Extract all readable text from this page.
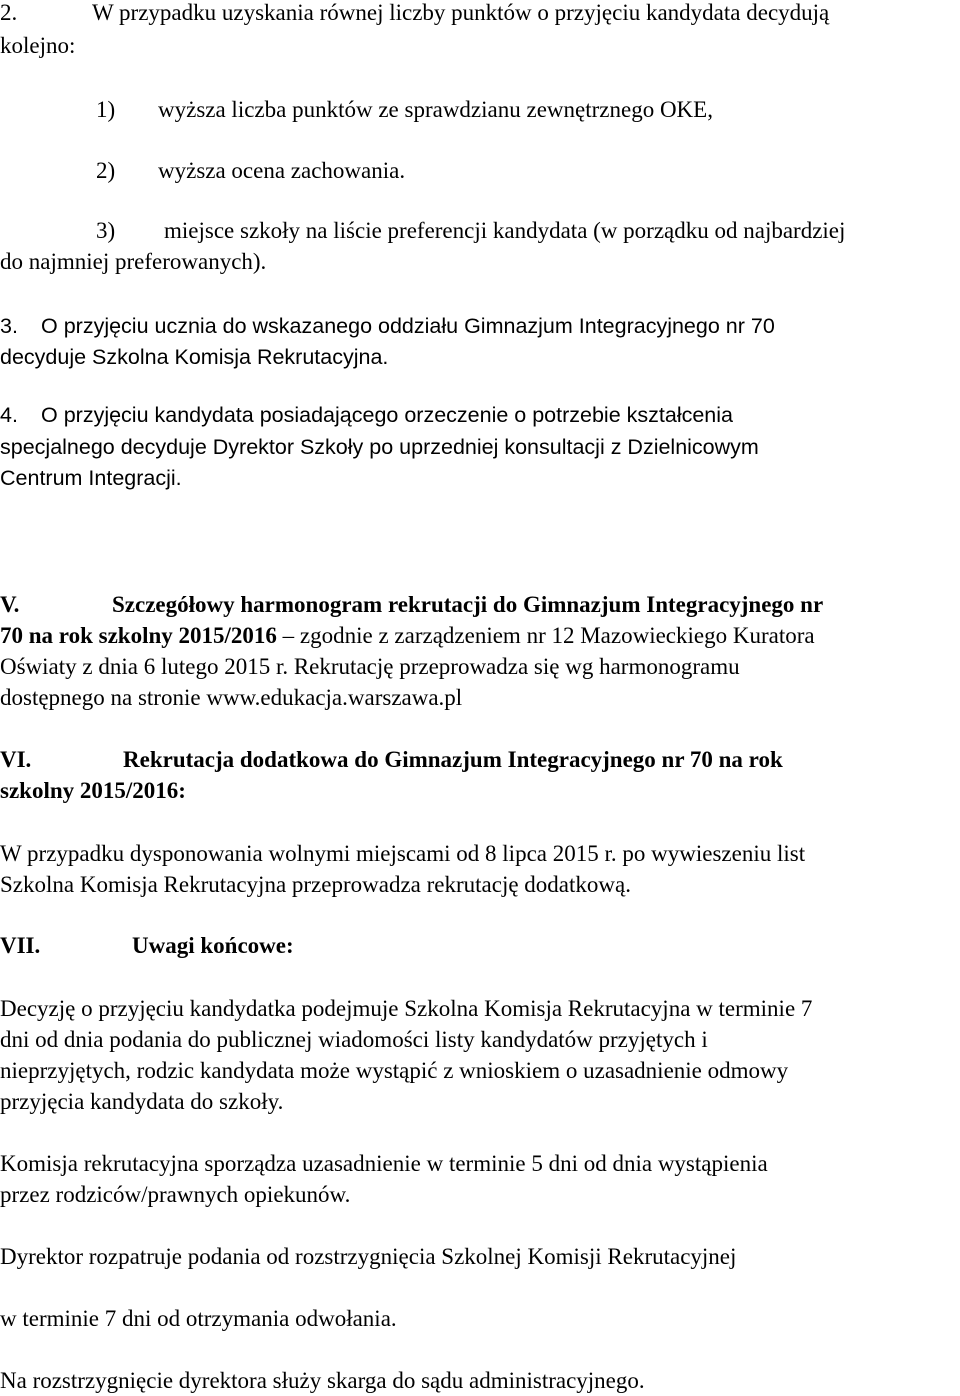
2.	W przypadku uzyskania równej liczby punktów o przyjęciu kandydata decydują

kolejno:

1) wyższa liczba punktów ze sprawdzianu zewnętrznego OKE,

2) wyższa ocena zachowania.

3) miejsce szkoły na liście preferencji kandydata (w porządku od najbardziej

do najmniej preferowanych).

3. O przyjęciu ucznia do wskazanego oddziału Gimnazjum Integracyjnego nr 70

decyduje Szkolna Komisja Rekrutacyjna.

4. O przyjęciu kandydata posiadającego orzeczenie o potrzebie kształcenia

specjalnego decyduje Dyrektor Szkoły po uprzedniej konsultacji z Dzielnicowym

Centrum Integracji.

V.	Szczegółowy harmonogram rekrutacji do Gimnazjum Integracyjnego nr

70 na rok szkolny 2015/2016 – zgodnie z zarządzeniem nr 12 Mazowieckiego Kuratora

Oświaty z dnia 6 lutego 2015 r. Rekrutację przeprowadza się wg harmonogramu

dostępnego na stronie www.edukacja.warszawa.pl

VI.	Rekrutacja dodatkowa do Gimnazjum Integracyjnego nr 70 na rok

szkolny 2015/2016:

W przypadku dysponowania wolnymi miejscami od 8 lipca 2015 r. po wywieszeniu list

Szkolna Komisja Rekrutacyjna przeprowadza rekrutację dodatkową.

VII.	Uwagi końcowe:

Decyzję o przyjęciu kandydatka podejmuje Szkolna Komisja Rekrutacyjna w terminie 7

dni od dnia podania do publicznej wiadomości listy kandydatów przyjętych i

nieprzyjętych, rodzic kandydata może wystąpić z wnioskiem o uzasadnienie odmowy

przyjęcia kandydata do szkoły.

Komisja rekrutacyjna sporządza uzasadnienie w terminie 5 dni od dnia wystąpienia

przez rodziców/prawnych opiekunów.

Dyrektor rozpatruje podania od rozstrzygnięcia Szkolnej Komisji Rekrutacyjnej

w terminie 7 dni od otrzymania odwołania.

Na rozstrzygnięcie dyrektora służy skarga do sądu administracyjnego.
